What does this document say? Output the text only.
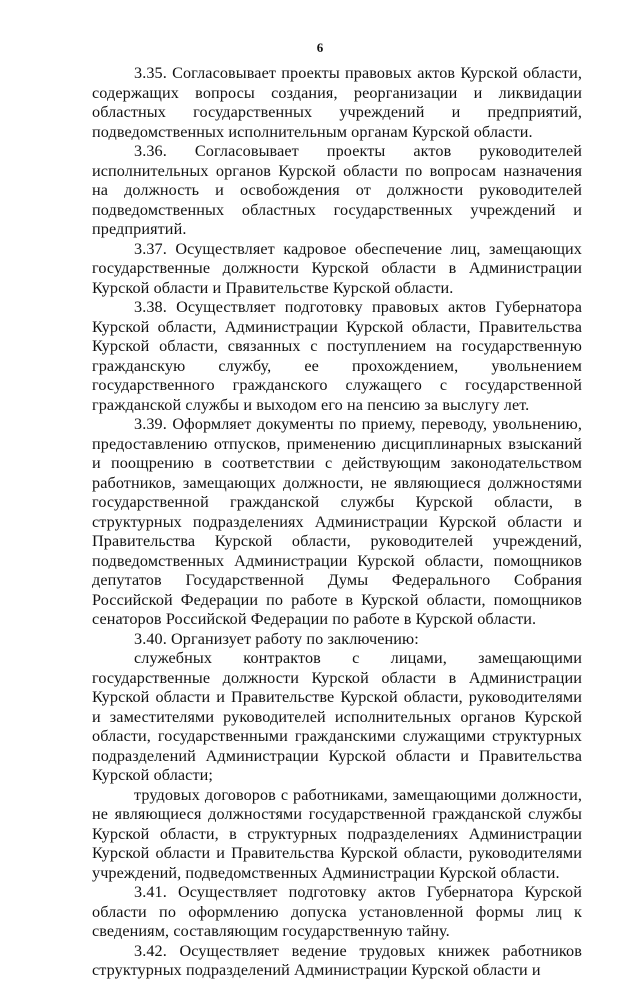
6

3.35. Согласовывает проекты правовых актов Курской области, содержащих вопросы создания, реорганизации и ликвидации областных государственных учреждений и предприятий, подведомственных исполнительным органам Курской области.

3.36. Согласовывает проекты актов руководителей исполнительных органов Курской области по вопросам назначения на должность и освобождения от должности руководителей подведомственных областных государственных учреждений и предприятий.

3.37. Осуществляет кадровое обеспечение лиц, замещающих государственные должности Курской области в Администрации Курской области и Правительстве Курской области.

3.38. Осуществляет подготовку правовых актов Губернатора Курской области, Администрации Курской области, Правительства Курской области, связанных с поступлением на государственную гражданскую службу, ее прохождением, увольнением государственного гражданского служащего с государственной гражданской службы и выходом его на пенсию за выслугу лет.

3.39. Оформляет документы по приему, переводу, увольнению, предоставлению отпусков, применению дисциплинарных взысканий и поощрению в соответствии с действующим законодательством работников, замещающих должности, не являющиеся должностями государственной гражданской службы Курской области, в структурных подразделениях Администрации Курской области и Правительства Курской области, руководителей учреждений, подведомственных Администрации Курской области, помощников депутатов Государственной Думы Федерального Собрания Российской Федерации по работе в Курской области, помощников сенаторов Российской Федерации по работе в Курской области.

3.40. Организует работу по заключению:

служебных контрактов с лицами, замещающими государственные должности Курской области в Администрации Курской области и Правительстве Курской области, руководителями и заместителями руководителей исполнительных органов Курской области, государственными гражданскими служащими структурных подразделений Администрации Курской области и Правительства Курской области;

трудовых договоров с работниками, замещающими должности, не являющиеся должностями государственной гражданской службы Курской области, в структурных подразделениях Администрации Курской области и Правительства Курской области, руководителями учреждений, подведомственных Администрации Курской области.

3.41. Осуществляет подготовку актов Губернатора Курской области по оформлению допуска установленной формы лиц к сведениям, составляющим государственную тайну.

3.42. Осуществляет ведение трудовых книжек работников структурных подразделений Администрации Курской области и
